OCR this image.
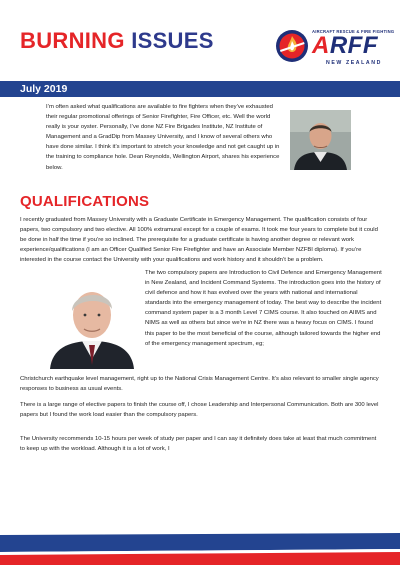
BURNING ISSUES	AIRCRAFT RESCUE & FIRE FIGHTING
ARFF
NEW ZEALAND
July 2019
I’m often asked what qualifications are available to fire fighters when they’ve exhausted their regular promotional offerings of Senior Firefighter, Fire Officer, etc. Well the world really is your oyster. Personally, I’ve done NZ Fire Brigades Institute, NZ Institute of Management and a GradDip from Massey University, and I know of several others who have done similar. I think it’s important to stretch your knowledge and not get caught up in the training to compliance hole. Dean Reynolds, Wellington Airport, shares his experience below.
QUALIFICATIONS
I recently graduated from Massey University with a Graduate Certificate in Emergency Management. The qualification consists of four papers, two compulsory and two elective. All 100% extramural except for a couple of exams. It took me four years to complete but it could be done in half the time if you’re so inclined. The prerequisite for a graduate certificate is having another degree or relevant work experience/qualifications (I am an Officer Qualified Senior Fire Firefighter and have an Associate Member NZFBI diploma). If you’re interested in the course contact the University with your qualifications and work history and it shouldn’t be a problem.
The two compulsory papers are Introduction to Civil Defence and Emergency Management in New Zealand, and Incident Command Systems. The introduction goes into the history of civil defence and how it has evolved over the years with national and international standards into the emergency management of today. The best way to describe the incident command system paper is a 3 month Level 7 CIMS course. It also touched on AIIMS and NIMS as well as others but since we’re in NZ there was a heavy focus on CIMS. I found this paper to be the most beneficial of the course, although tailored towards the higher end of the emergency management spectrum, eg;
Christchurch earthquake level management, right up to the National Crisis Management Centre. It’s also relevant to smaller single agency responses to business as usual events.
There is a large range of elective papers to finish the course off, I chose Leadership and Interpersonal Communication. Both are 300 level papers but I found the work load easier than the compulsory papers.
The University recommends 10-15 hours per week of study per paper and I can say it definitely does take at least that much commitment to keep up with the workload. Although it is a lot of work, I
